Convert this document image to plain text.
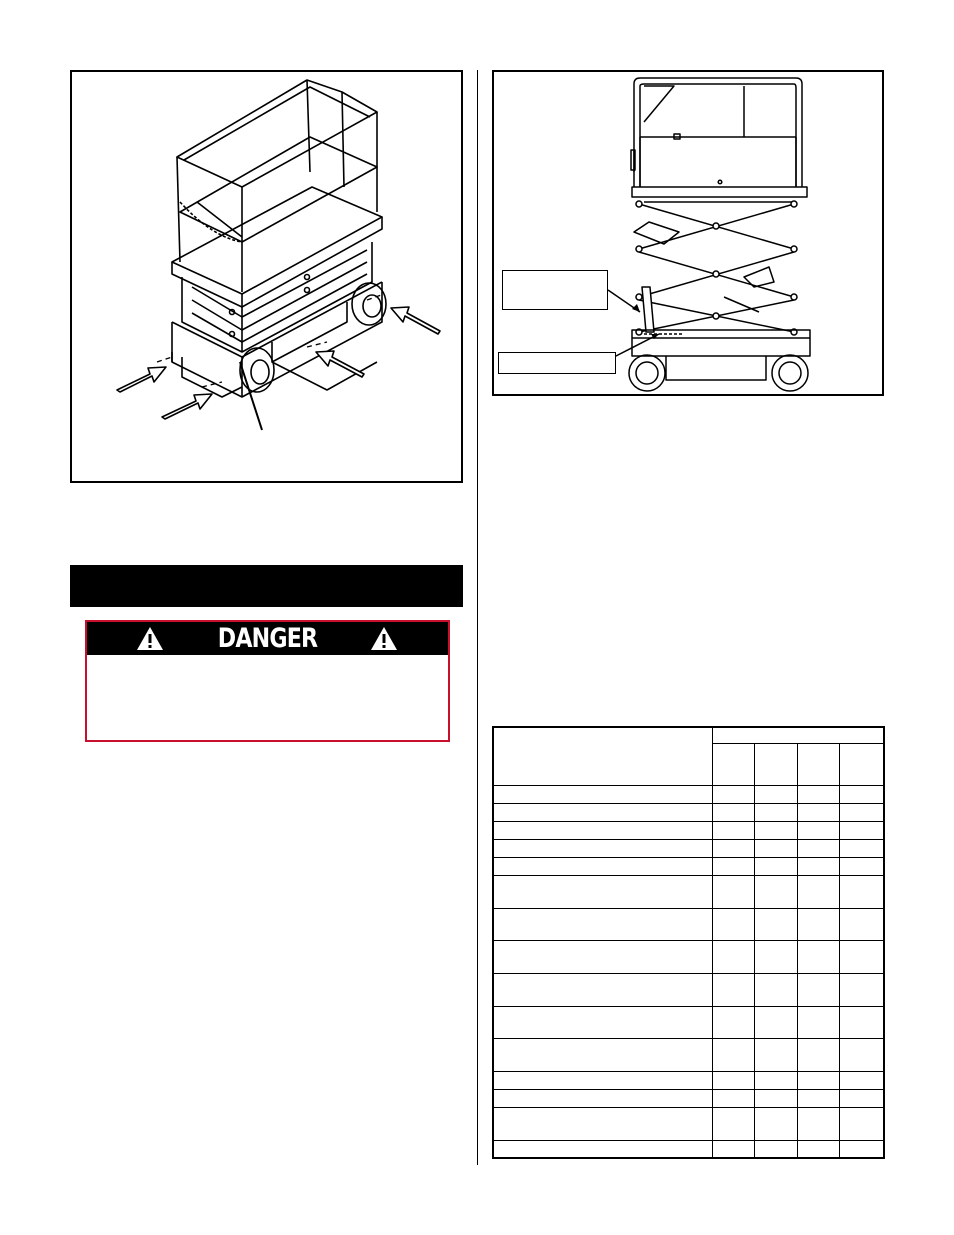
DANGER
